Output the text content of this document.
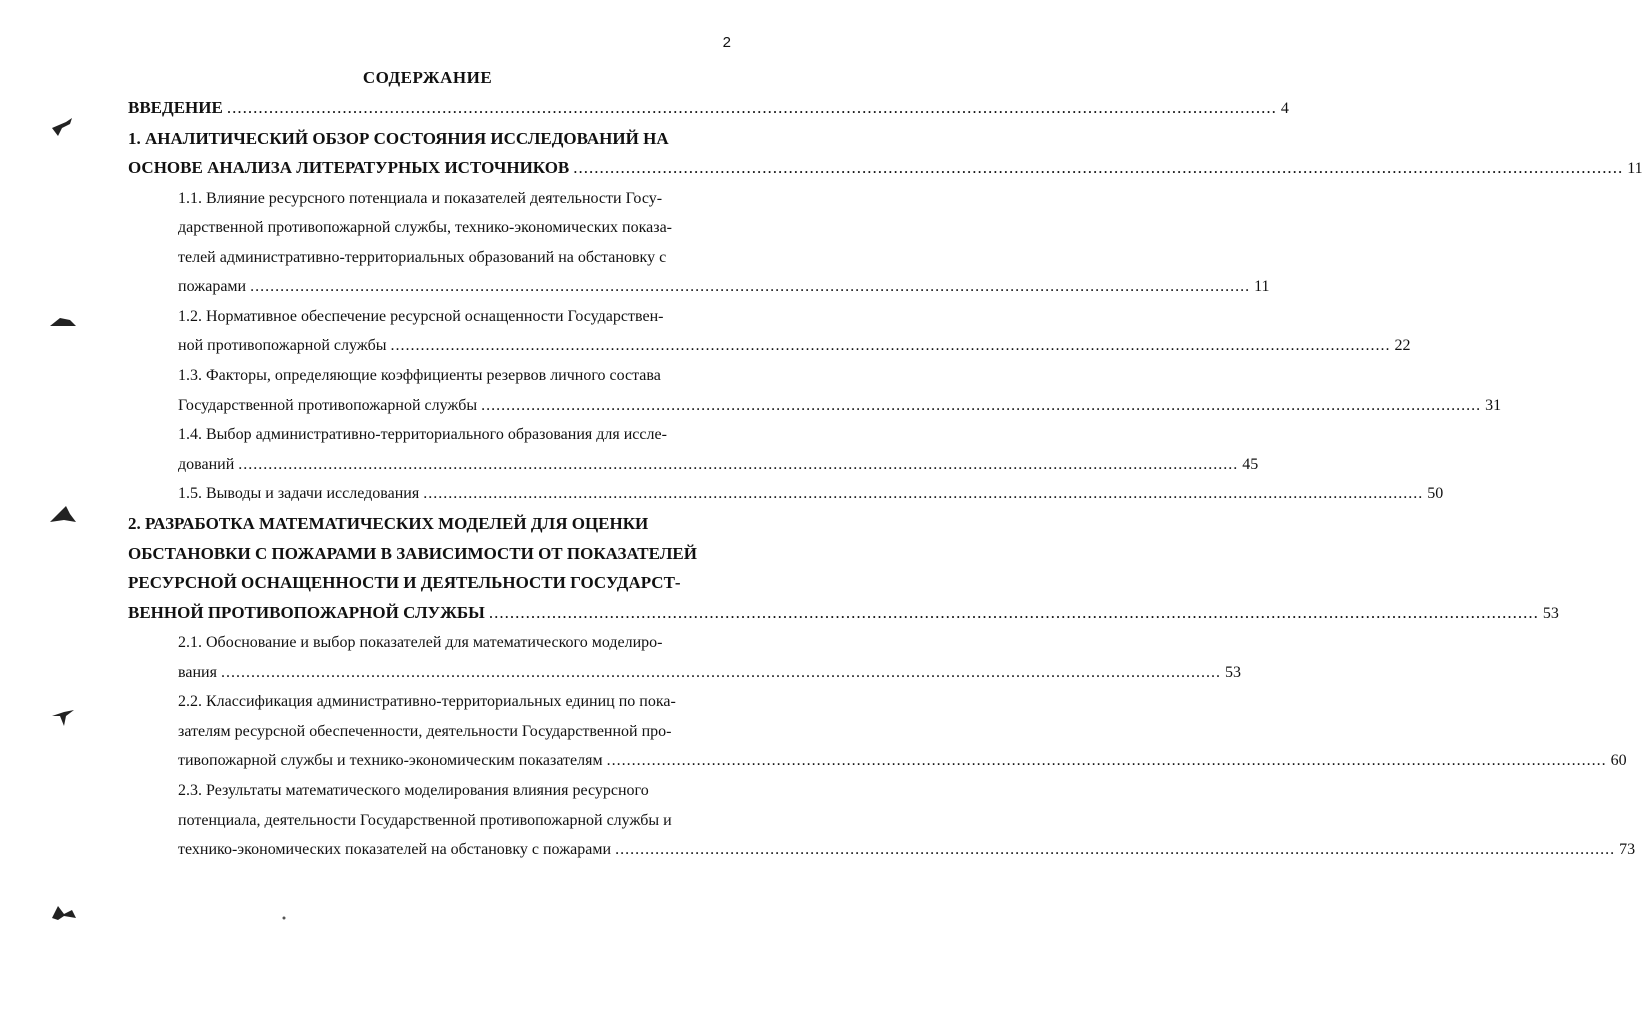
2
СОДЕРЖАНИЕ
ВВЕДЕНИЕ ........................................................................................................................................................................................................ 4
1. АНАЛИТИЧЕСКИЙ ОБЗОР СОСТОЯНИЯ ИССЛЕДОВАНИЙ НА
ОСНОВЕ АНАЛИЗА ЛИТЕРАТУРНЫХ ИСТОЧНИКОВ ........................................................................................................................................................................................................ 11
1.1. Влияние ресурсного потенциала и показателей деятельности Госу-
дарственной противопожарной службы, технико-экономических показа-
телей административно-территориальных образований на обстановку с
пожарами ........................................................................................................................................................................................................ 11
1.2. Нормативное обеспечение ресурсной оснащенности Государствен-
ной противопожарной службы ........................................................................................................................................................................................................ 22
1.3. Факторы, определяющие коэффициенты резервов личного состава
Государственной противопожарной службы ........................................................................................................................................................................................................ 31
1.4. Выбор административно-территориального образования для иссле-
дований ........................................................................................................................................................................................................ 45
1.5. Выводы и задачи исследования ........................................................................................................................................................................................................ 50
2. РАЗРАБОТКА МАТЕМАТИЧЕСКИХ МОДЕЛЕЙ ДЛЯ ОЦЕНКИ
ОБСТАНОВКИ С ПОЖАРАМИ В ЗАВИСИМОСТИ ОТ ПОКАЗАТЕЛЕЙ
РЕСУРСНОЙ ОСНАЩЕННОСТИ И ДЕЯТЕЛЬНОСТИ ГОСУДАРСТ-
ВЕННОЙ ПРОТИВОПОЖАРНОЙ СЛУЖБЫ ........................................................................................................................................................................................................ 53
2.1. Обоснование и выбор показателей для математического моделиро-
вания ........................................................................................................................................................................................................ 53
2.2. Классификация административно-территориальных единиц по пока-
зателям ресурсной обеспеченности, деятельности Государственной про-
тивопожарной службы и технико-экономическим показателям ........................................................................................................................................................................................................ 60
2.3. Результаты математического моделирования влияния ресурсного
потенциала, деятельности Государственной противопожарной службы и
технико-экономических показателей на обстановку с пожарами ........................................................................................................................................................................................................ 73
